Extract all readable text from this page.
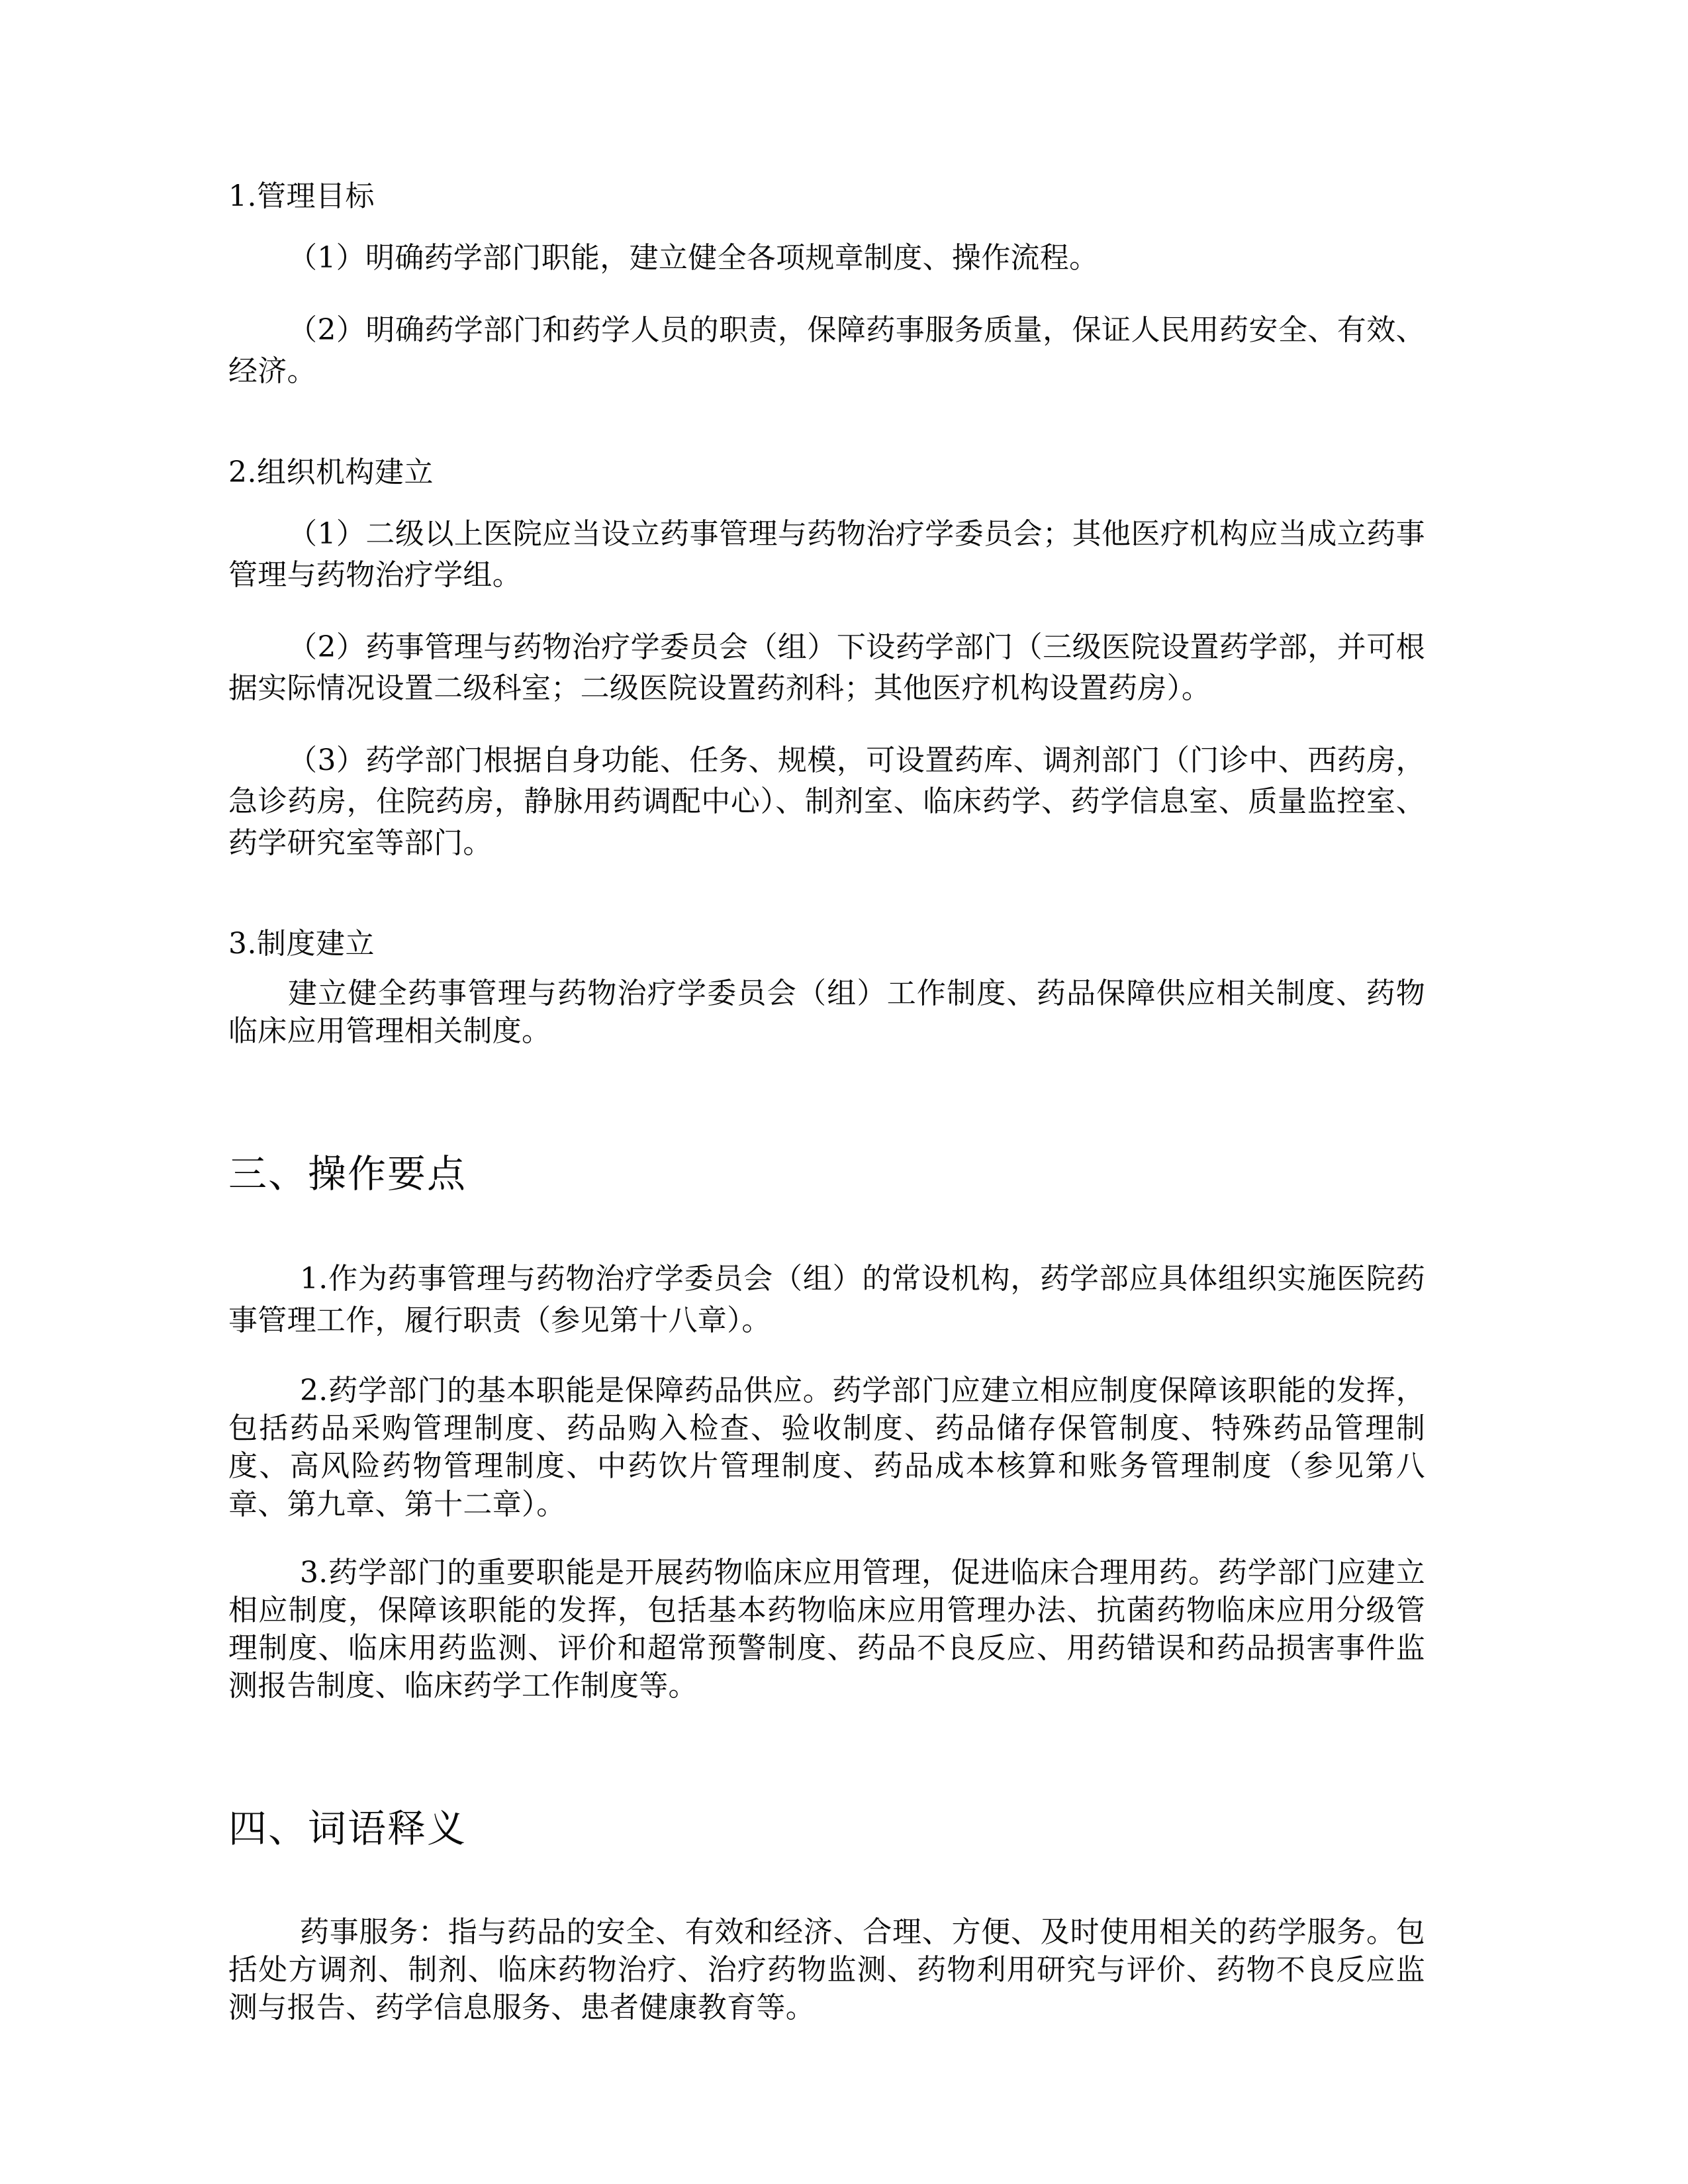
1.管理目标

（1）明确药学部门职能，建立健全各项规章制度、操作流程。

（2）明确药学部门和药学人员的职责，保障药事服务质量，保证人民用药安全、有效、经济。

2.组织机构建立

（1）二级以上医院应当设立药事管理与药物治疗学委员会；其他医疗机构应当成立药事管理与药物治疗学组。

（2）药事管理与药物治疗学委员会（组）下设药学部门（三级医院设置药学部，并可根据实际情况设置二级科室；二级医院设置药剂科；其他医疗机构设置药房）。

（3）药学部门根据自身功能、任务、规模，可设置药库、调剂部门（门诊中、西药房，急诊药房，住院药房，静脉用药调配中心）、制剂室、临床药学、药学信息室、质量监控室、药学研究室等部门。

3.制度建立

建立健全药事管理与药物治疗学委员会（组）工作制度、药品保障供应相关制度、药物临床应用管理相关制度。

三、操作要点

1.作为药事管理与药物治疗学委员会（组）的常设机构，药学部应具体组织实施医院药事管理工作，履行职责（参见第十八章）。

2.药学部门的基本职能是保障药品供应。药学部门应建立相应制度保障该职能的发挥，包括药品采购管理制度、药品购入检查、验收制度、药品储存保管制度、特殊药品管理制度、高风险药物管理制度、中药饮片管理制度、药品成本核算和账务管理制度（参见第八章、第九章、第十二章）。

3.药学部门的重要职能是开展药物临床应用管理，促进临床合理用药。药学部门应建立相应制度，保障该职能的发挥，包括基本药物临床应用管理办法、抗菌药物临床应用分级管理制度、临床用药监测、评价和超常预警制度、药品不良反应、用药错误和药品损害事件监测报告制度、临床药学工作制度等。

四、词语释义

药事服务：指与药品的安全、有效和经济、合理、方便、及时使用相关的药学服务。包括处方调剂、制剂、临床药物治疗、治疗药物监测、药物利用研究与评价、药物不良反应监测与报告、药学信息服务、患者健康教育等。
